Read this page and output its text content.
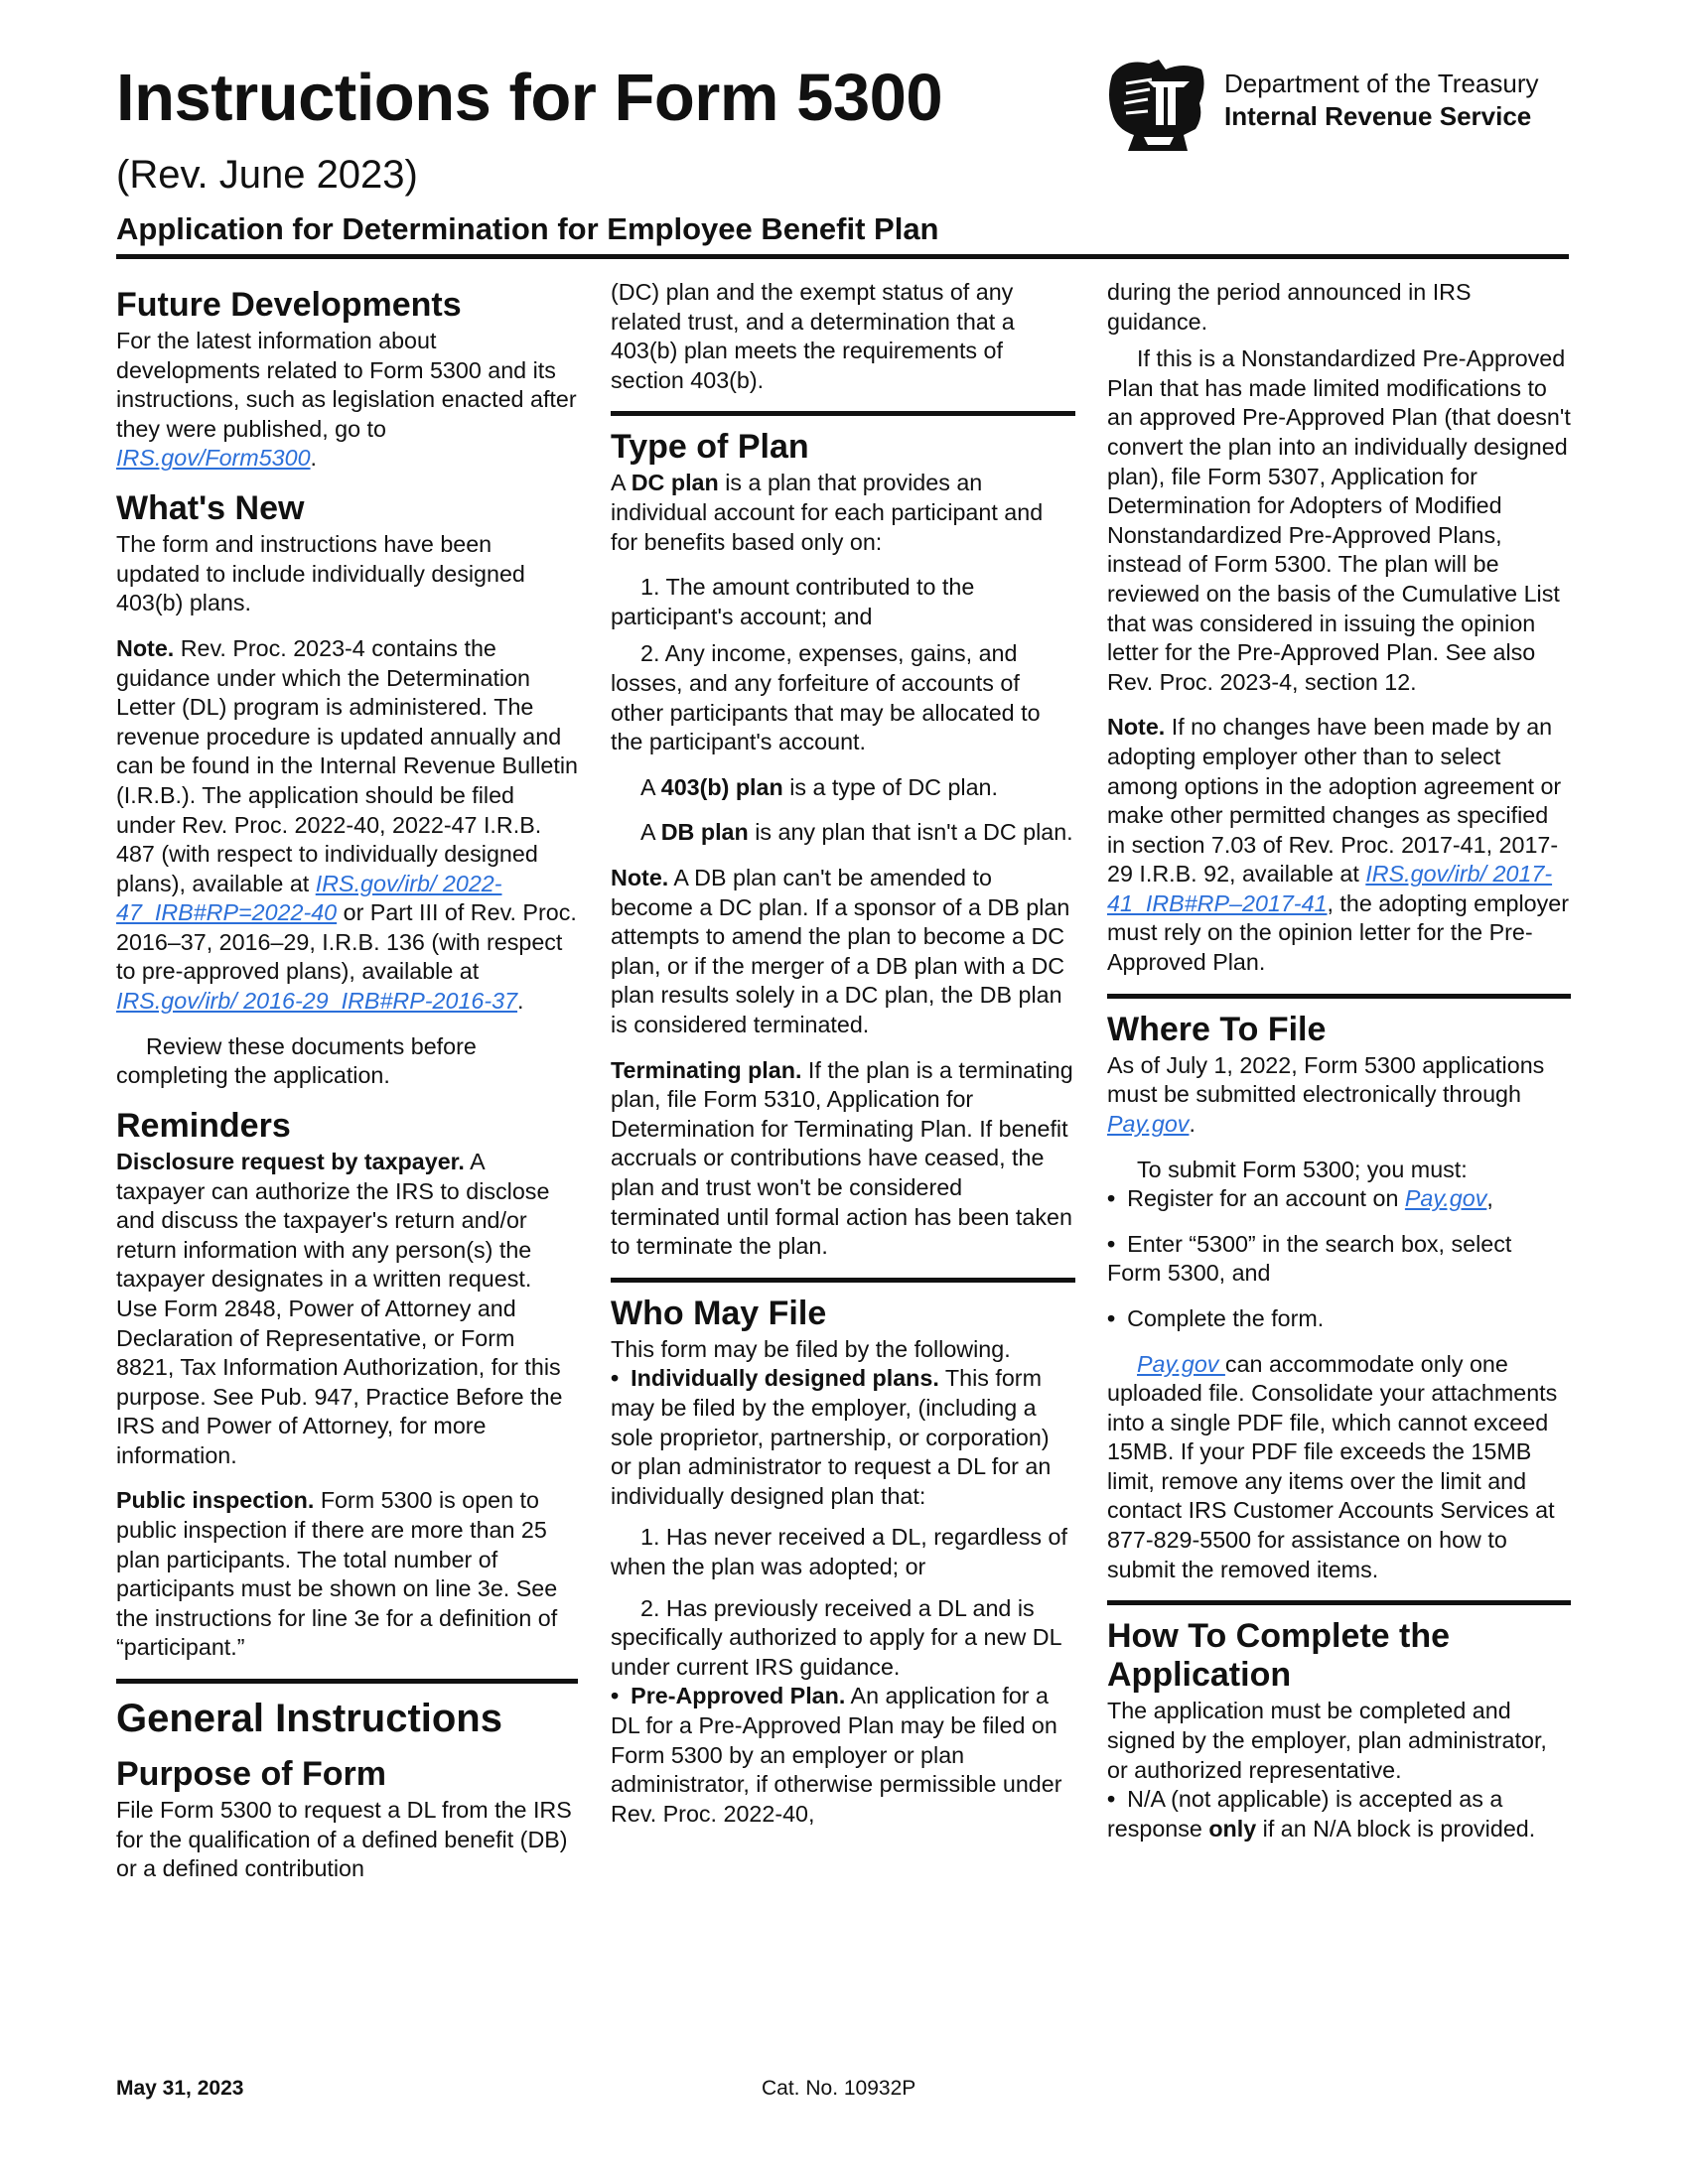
Instructions for Form 5300
(Rev. June 2023)
Application for Determination for Employee Benefit Plan
Department of the Treasury
Internal Revenue Service
Future Developments

For the latest information about developments related to Form 5300 and its instructions, such as legislation enacted after they were published, go to IRS.gov/Form5300.

What's New

The form and instructions have been updated to include individually designed 403(b) plans.

Note. Rev. Proc. 2023-4 contains the guidance under which the Determination Letter (DL) program is administered. The revenue procedure is updated annually and can be found in the Internal Revenue Bulletin (I.R.B.). The application should be filed under Rev. Proc. 2022-40, 2022-47 I.R.B. 487 (with respect to individually designed plans), available at IRS.gov/irb/ 2022-47_IRB#RP=2022-40 or Part III of Rev. Proc. 2016–37, 2016–29, I.R.B. 136 (with respect to pre-approved plans), available at IRS.gov/irb/ 2016-29_IRB#RP-2016-37.

Review these documents before completing the application.

Reminders

Disclosure request by taxpayer. A taxpayer can authorize the IRS to disclose and discuss the taxpayer's return and/or return information with any person(s) the taxpayer designates in a written request. Use Form 2848, Power of Attorney and Declaration of Representative, or Form 8821, Tax Information Authorization, for this purpose. See Pub. 947, Practice Before the IRS and Power of Attorney, for more information.

Public inspection. Form 5300 is open to public inspection if there are more than 25 plan participants. The total number of participants must be shown on line 3e. See the instructions for line 3e for a definition of “participant.”

General Instructions
Purpose of Form

File Form 5300 to request a DL from the IRS for the qualification of a defined benefit (DB) or a defined contribution

(DC) plan and the exempt status of any related trust, and a determination that a 403(b) plan meets the requirements of section 403(b).

Type of Plan

A DC plan is a plan that provides an individual account for each participant and for benefits based only on:

1. The amount contributed to the participant's account; and

2. Any income, expenses, gains, and losses, and any forfeiture of accounts of other participants that may be allocated to the participant's account.

A 403(b) plan is a type of DC plan.

A DB plan is any plan that isn't a DC plan.

Note. A DB plan can't be amended to become a DC plan. If a sponsor of a DB plan attempts to amend the plan to become a DC plan, or if the merger of a DB plan with a DC plan results solely in a DC plan, the DB plan is considered terminated.

Terminating plan. If the plan is a terminating plan, file Form 5310, Application for Determination for Terminating Plan. If benefit accruals or contributions have ceased, the plan and trust won't be considered terminated until formal action has been taken to terminate the plan.

Who May File

This form may be filed by the following.

• Individually designed plans. This form may be filed by the employer, (including a sole proprietor, partnership, or corporation) or plan administrator to request a DL for an individually designed plan that:

1. Has never received a DL, regardless of when the plan was adopted; or

2. Has previously received a DL and is specifically authorized to apply for a new DL under current IRS guidance.

• Pre-Approved Plan. An application for a DL for a Pre-Approved Plan may be filed on Form 5300 by an employer or plan administrator, if otherwise permissible under Rev. Proc. 2022-40,

during the period announced in IRS guidance.

If this is a Nonstandardized Pre-Approved Plan that has made limited modifications to an approved Pre-Approved Plan (that doesn't convert the plan into an individually designed plan), file Form 5307, Application for Determination for Adopters of Modified Nonstandardized Pre-Approved Plans, instead of Form 5300. The plan will be reviewed on the basis of the Cumulative List that was considered in issuing the opinion letter for the Pre-Approved Plan. See also Rev. Proc. 2023-4, section 12.

Note. If no changes have been made by an adopting employer other than to select among options in the adoption agreement or make other permitted changes as specified in section 7.03 of Rev. Proc. 2017-41, 2017-29 I.R.B. 92, available at IRS.gov/irb/ 2017-41_IRB#RP–2017-41, the adopting employer must rely on the opinion letter for the Pre-Approved Plan.

Where To File

As of July 1, 2022, Form 5300 applications must be submitted electronically through Pay.gov.

To submit Form 5300; you must:

• Register for an account on Pay.gov,

• Enter “5300” in the search box, select Form 5300, and

• Complete the form.

Pay.gov can accommodate only one uploaded file. Consolidate your attachments into a single PDF file, which cannot exceed 15MB. If your PDF file exceeds the 15MB limit, remove any items over the limit and contact IRS Customer Accounts Services at 877-829-5500 for assistance on how to submit the removed items.

How To Complete the Application

The application must be completed and signed by the employer, plan administrator, or authorized representative.

• N/A (not applicable) is accepted as a response only if an N/A block is provided.

May 31, 2023	Cat. No. 10932P
